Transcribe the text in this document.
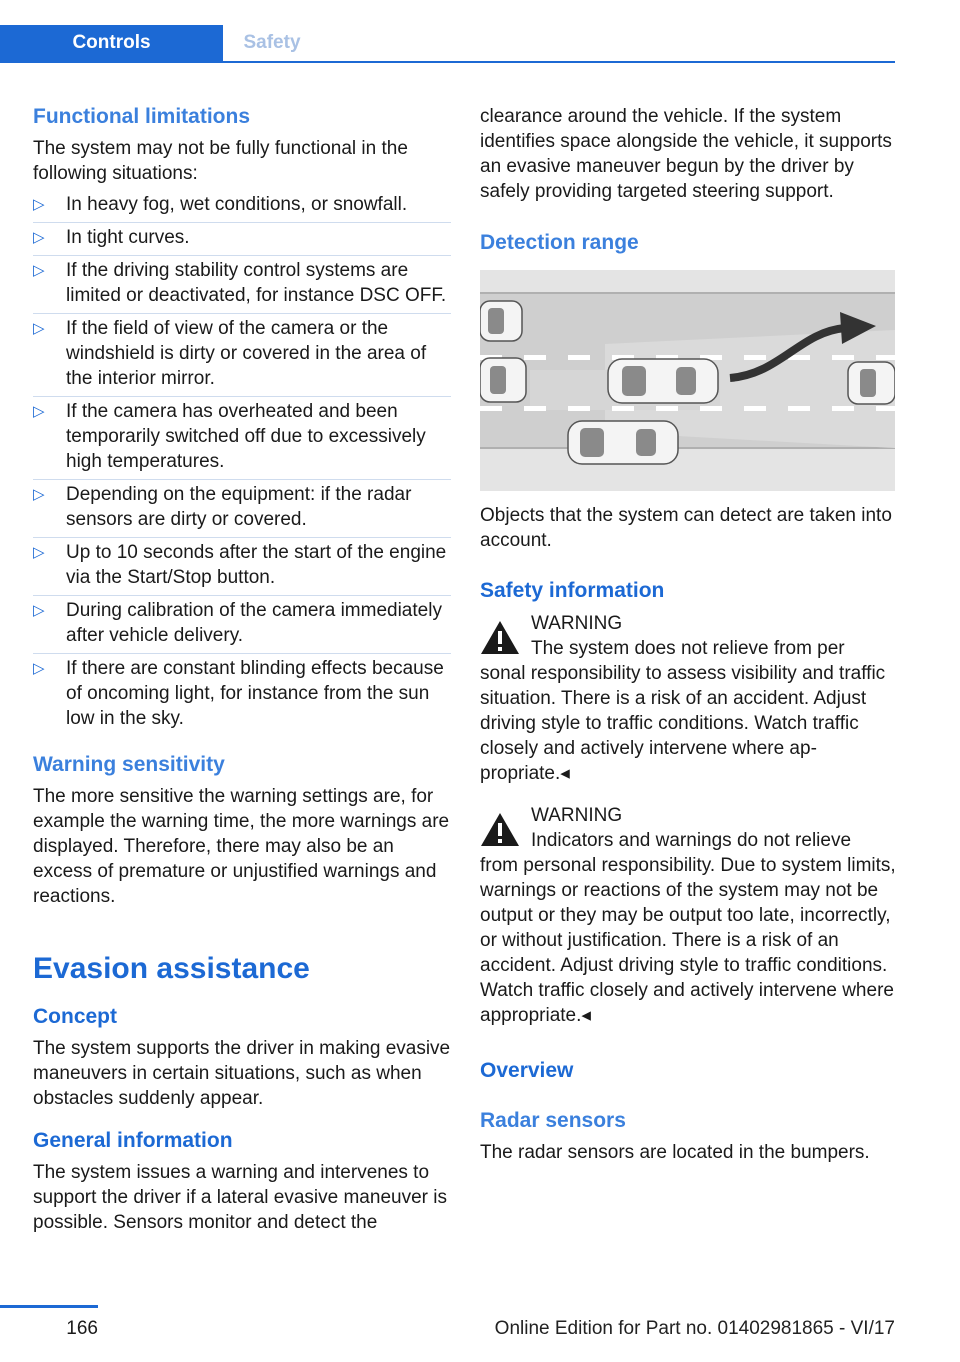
Controls	Safety
Functional limitations

The system may not be fully functional in the following situations:

▷ In heavy fog, wet conditions, or snowfall.
▷ In tight curves.
▷ If the driving stability control systems are limited or deactivated, for instance DSC OFF.
▷ If the field of view of the camera or the windshield is dirty or covered in the area of the interior mirror.
▷ If the camera has overheated and been temporarily switched off due to excessively high temperatures.
▷ Depending on the equipment: if the radar sensors are dirty or covered.
▷ Up to 10 seconds after the start of the engine via the Start/Stop button.
▷ During calibration of the camera immediately after vehicle delivery.
▷ If there are constant blinding effects because of oncoming light, for instance from the sun low in the sky.
Warning sensitivity

The more sensitive the warning settings are, for example the warning time, the more warnings are displayed. Therefore, there may also be an excess of premature or unjustified warnings and reactions.

Evasion assistance
Concept

The system supports the driver in making evasive maneuvers in certain situations, such as when obstacles suddenly appear.

General information

The system issues a warning and intervenes to support the driver if a lateral evasive maneuver is possible. Sensors monitor and detect the

clearance around the vehicle. If the system identifies space alongside the vehicle, it supports an evasive maneuver begun by the driver by safely providing targeted steering support.

Detection range

Objects that the system can detect are taken into account.

Safety information

WARNING

The system does not relieve from per

sonal responsibility to assess visibility and traffic situation. There is a risk of an accident. Adjust driving style to traffic conditions. Watch traffic closely and actively intervene where appropriate.◂

WARNING

Indicators and warnings do not relieve

from personal responsibility. Due to system limits, warnings or reactions of the system may not be output or they may be output too late, incorrectly, or without justification. There is a risk of an accident. Adjust driving style to traffic conditions. Watch traffic closely and actively intervene where appropriate.◂

Overview
Radar sensors

The radar sensors are located in the bumpers.

166	Online Edition for Part no. 01402981865 - VI/17
